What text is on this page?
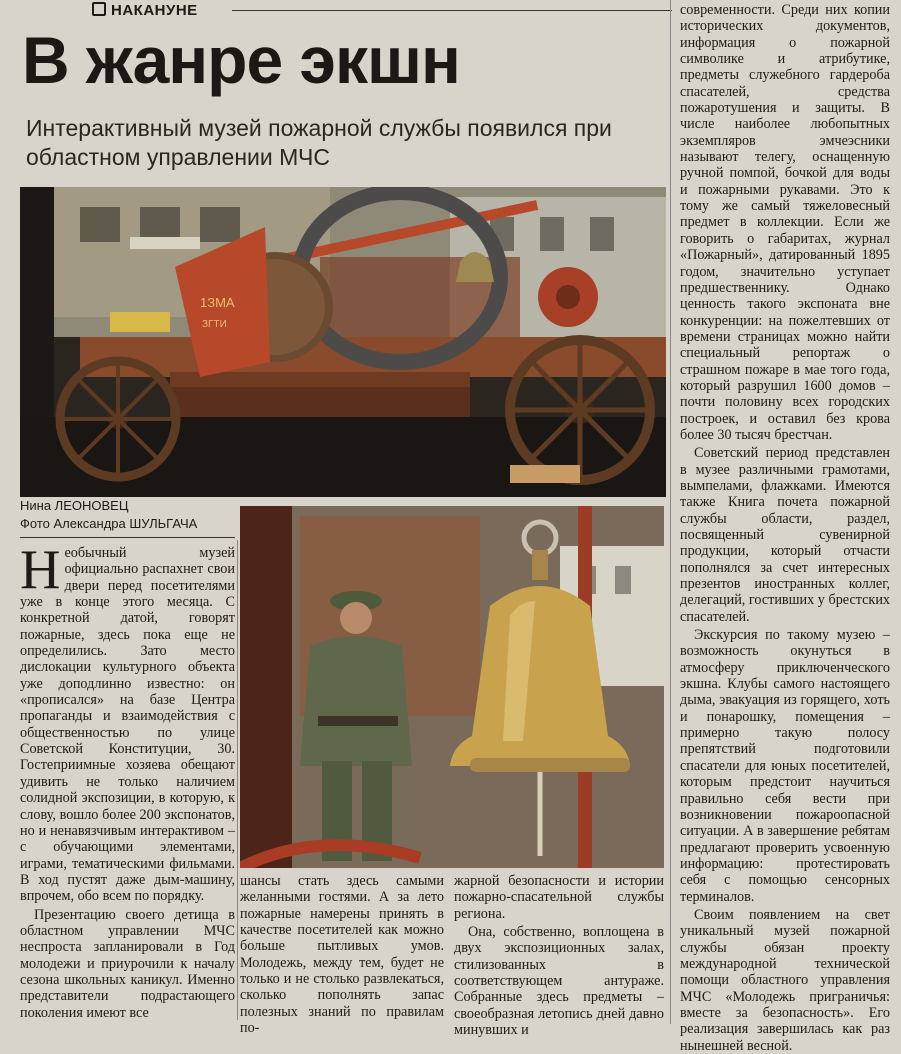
НАКАНУНЕ
В жанре экшн
Интерактивный музей пожарной службы появился при областном управлении МЧС
1ЗМА
ЗГТИ
Нина ЛЕОНОВЕЦ
Фото Александра ШУЛЬГАЧА

Необычный музей официально распахнет свои двери перед посетителями уже в конце этого месяца. С конкретной датой, говорят пожарные, здесь пока еще не определились. Зато место дислокации культурного объекта уже доподлинно известно: он «прописался» на базе Центра пропаганды и взаимодействия с общественностью по улице Советской Конституции, 30. Гостеприимные хозяева обещают удивить не только наличием солидной экспозиции, в которую, к слову, вошло более 200 экспонатов, но и ненавязчивым интерактивом – с обучающими элементами, играми, тематическими фильмами. В ход пустят даже дым-машину, впрочем, обо всем по порядку.

Презентацию своего детища в областном управлении МЧС неспроста запланировали в Год молодежи и приурочили к началу сезона школьных каникул. Именно представители подрастающего поколения имеют все

шансы стать здесь самыми желанными гостями. А за лето пожарные намерены принять в качестве посетителей как можно больше пытливых умов. Молодежь, между тем, будет не только и не столько развлекаться, сколько пополнять запас полезных знаний по правилам по-

жарной безопасности и истории пожарно-спасательной службы региона.

Она, собственно, воплощена в двух экспозиционных залах, стилизованных в соответствующем антураже. Собранные здесь предметы – своеобразная летопись дней давно минувших и

современности. Среди них копии исторических документов, информация о пожарной символике и атрибутике, предметы служебного гардероба спасателей, средства пожаротушения и защиты. В числе наиболее любопытных экземпляров эмчеэсники называют телегу, оснащенную ручной помпой, бочкой для воды и пожарными рукавами. Это к тому же самый тяжеловесный предмет в коллекции. Если же говорить о габаритах, журнал «Пожарный», датированный 1895 годом, значительно уступает предшественнику. Однако ценность такого экспоната вне конкуренции: на пожелтевших от времени страницах можно найти специальный репортаж о страшном пожаре в мае того года, который разрушил 1600 домов – почти половину всех городских построек, и оставил без крова более 30 тысяч брестчан.

Советский период представлен в музее различными грамотами, вымпелами, флажками. Имеются также Книга почета пожарной службы области, раздел, посвященный сувенирной продукции, который отчасти пополнялся за счет интересных презентов иностранных коллег, делегаций, гостивших у брестских спасателей.

Экскурсия по такому музею – возможность окунуться в атмосферу приключенческого экшна. Клубы самого настоящего дыма, эвакуация из горящего, хоть и понарошку, помещения – примерно такую полосу препятствий подготовили спасатели для юных посетителей, которым предстоит научиться правильно себя вести при возникновении пожароопасной ситуации. А в завершение ребятам предлагают проверить усвоенную информацию: протестировать себя с помощью сенсорных терминалов.

Своим появлением на свет уникальный музей пожарной службы обязан проекту международной технической помощи областного управления МЧС «Молодежь приграничья: вместе за безопасность». Его реализация завершилась как раз нынешней весной.
